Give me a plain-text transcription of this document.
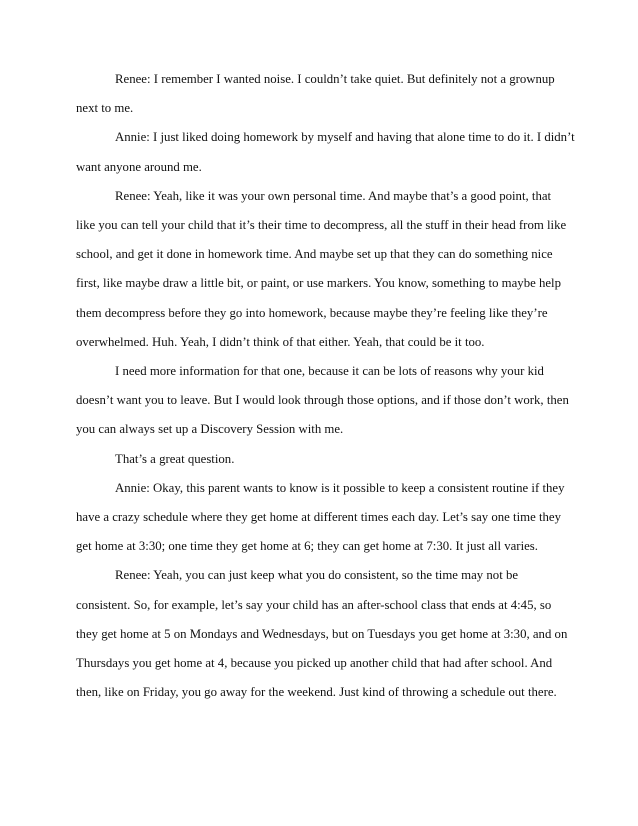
Renee: I remember I wanted noise. I couldn’t take quiet. But definitely not a grownup
next to me.
Annie: I just liked doing homework by myself and having that alone time to do it. I didn’t
want anyone around me.
Renee: Yeah, like it was your own personal time. And maybe that’s a good point, that
like you can tell your child that it’s their time to decompress, all the stuff in their head from like
school, and get it done in homework time. And maybe set up that they can do something nice
first, like maybe draw a little bit, or paint, or use markers. You know, something to maybe help
them decompress before they go into homework, because maybe they’re feeling like they’re
overwhelmed. Huh. Yeah, I didn’t think of that either. Yeah, that could be it too.
I need more information for that one, because it can be lots of reasons why your kid
doesn’t want you to leave. But I would look through those options, and if those don’t work, then
you can always set up a Discovery Session with me.
That’s a great question.
Annie: Okay, this parent wants to know is it possible to keep a consistent routine if they
have a crazy schedule where they get home at different times each day. Let’s say one time they
get home at 3:30; one time they get home at 6; they can get home at 7:30. It just all varies.
Renee: Yeah, you can just keep what you do consistent, so the time may not be
consistent. So, for example, let’s say your child has an after-school class that ends at 4:45, so
they get home at 5 on Mondays and Wednesdays, but on Tuesdays you get home at 3:30, and on
Thursdays you get home at 4, because you picked up another child that had after school. And
then, like on Friday, you go away for the weekend. Just kind of throwing a schedule out there.
